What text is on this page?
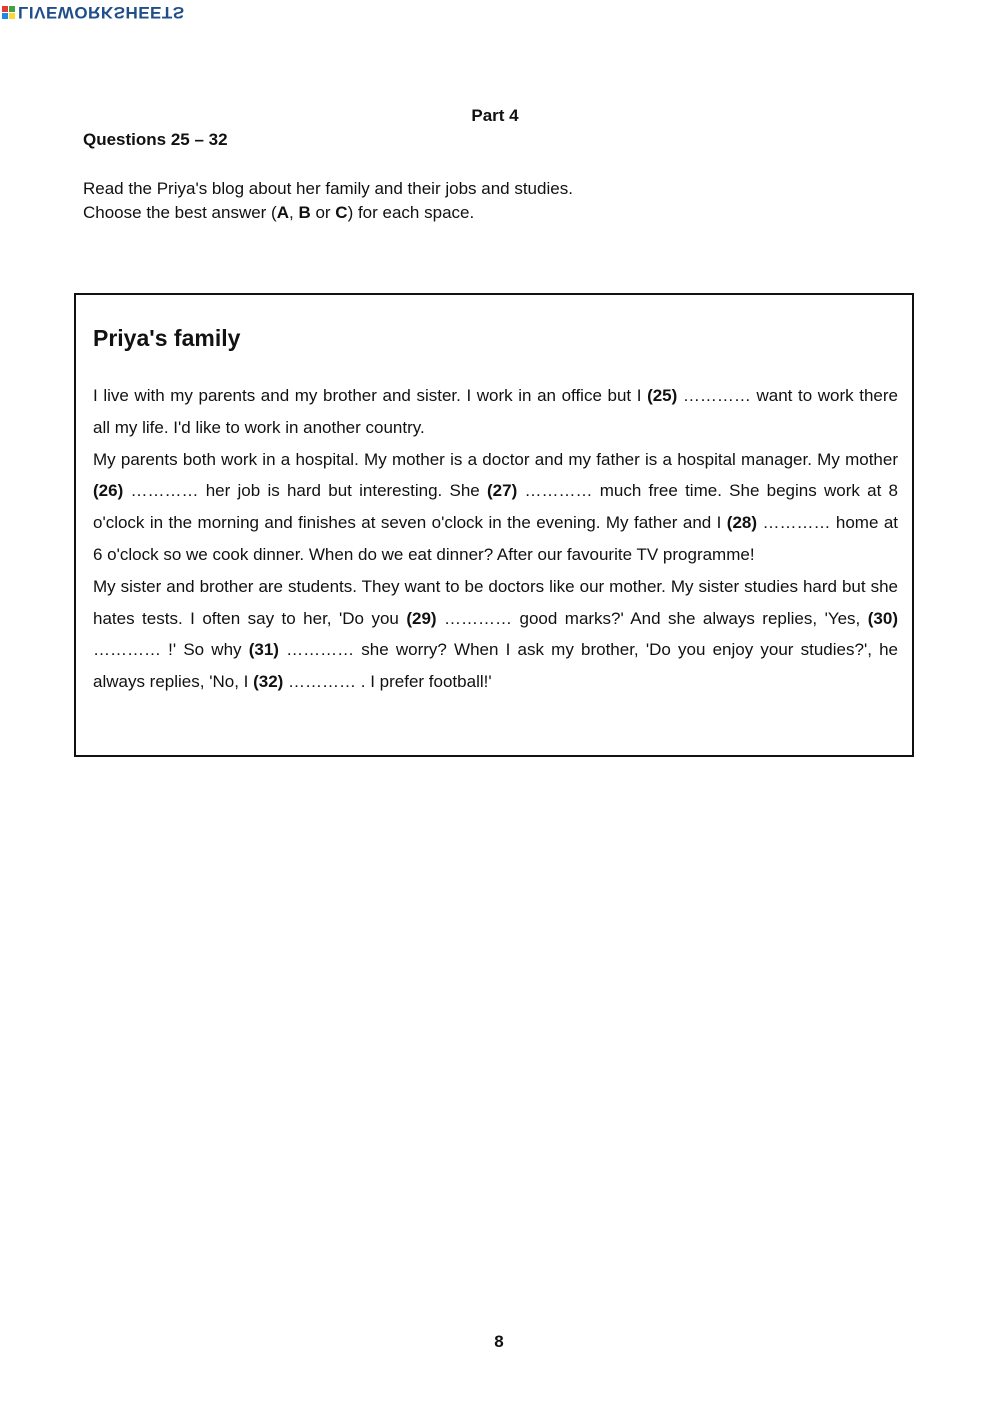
LIVEWORKSHEETS
Part 4
Questions 25 – 32
Read the Priya's blog about her family and their jobs and studies.
Choose the best answer (A, B or C) for each space.
Priya's family

I live with my parents and my brother and sister. I work in an office but I (25) ………… want to work there all my life. I'd like to work in another country.

My parents both work in a hospital. My mother is a doctor and my father is a hospital manager. My mother (26) ………… her job is hard but interesting. She (27) ………… much free time. She begins work at 8 o'clock in the morning and finishes at seven o'clock in the evening. My father and I (28) ………… home at 6 o'clock so we cook dinner. When do we eat dinner? After our favourite TV programme!

My sister and brother are students. They want to be doctors like our mother. My sister studies hard but she hates tests. I often say to her, 'Do you (29) ………… good marks?' And she always replies, 'Yes, (30) ………… !' So why (31) ………… she worry? When I ask my brother, 'Do you enjoy your studies?', he always replies, 'No, I (32) ………… . I prefer football!'

8
